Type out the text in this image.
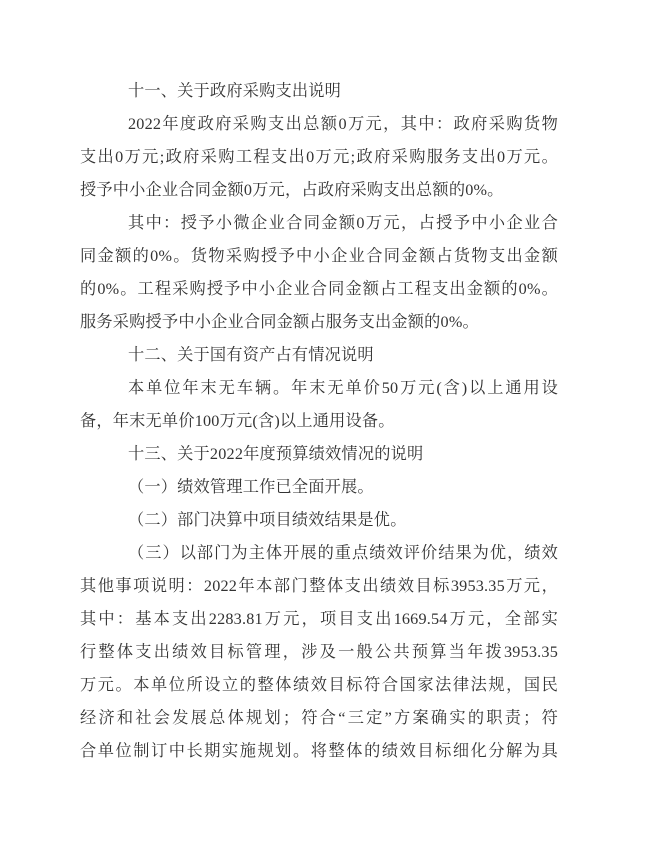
十一、关于政府采购支出说明
2022年度政府采购支出总额0万元，其中：政府采购货物
支出0万元;政府采购工程支出0万元;政府采购服务支出0万元。
授予中小企业合同金额0万元，占政府采购支出总额的0%。
其中：授予小微企业合同金额0万元，占授予中小企业合
同金额的0%。货物采购授予中小企业合同金额占货物支出金额
的0%。工程采购授予中小企业合同金额占工程支出金额的0%。
服务采购授予中小企业合同金额占服务支出金额的0%。
十二、关于国有资产占有情况说明
本单位年末无车辆。年末无单价50万元(含)以上通用设
备，年末无单价100万元(含)以上通用设备。
十三、关于2022年度预算绩效情况的说明
（一）绩效管理工作已全面开展。
（二）部门决算中项目绩效结果是优。
（三）以部门为主体开展的重点绩效评价结果为优，绩效
其他事项说明：2022年本部门整体支出绩效目标3953.35万元，
其中：基本支出2283.81万元，项目支出1669.54万元，全部实
行整体支出绩效目标管理，涉及一般公共预算当年拨3953.35
万元。本单位所设立的整体绩效目标符合国家法律法规，国民
经济和社会发展总体规划；符合“三定”方案确实的职责；符
合单位制订中长期实施规划。将整体的绩效目标细化分解为具
